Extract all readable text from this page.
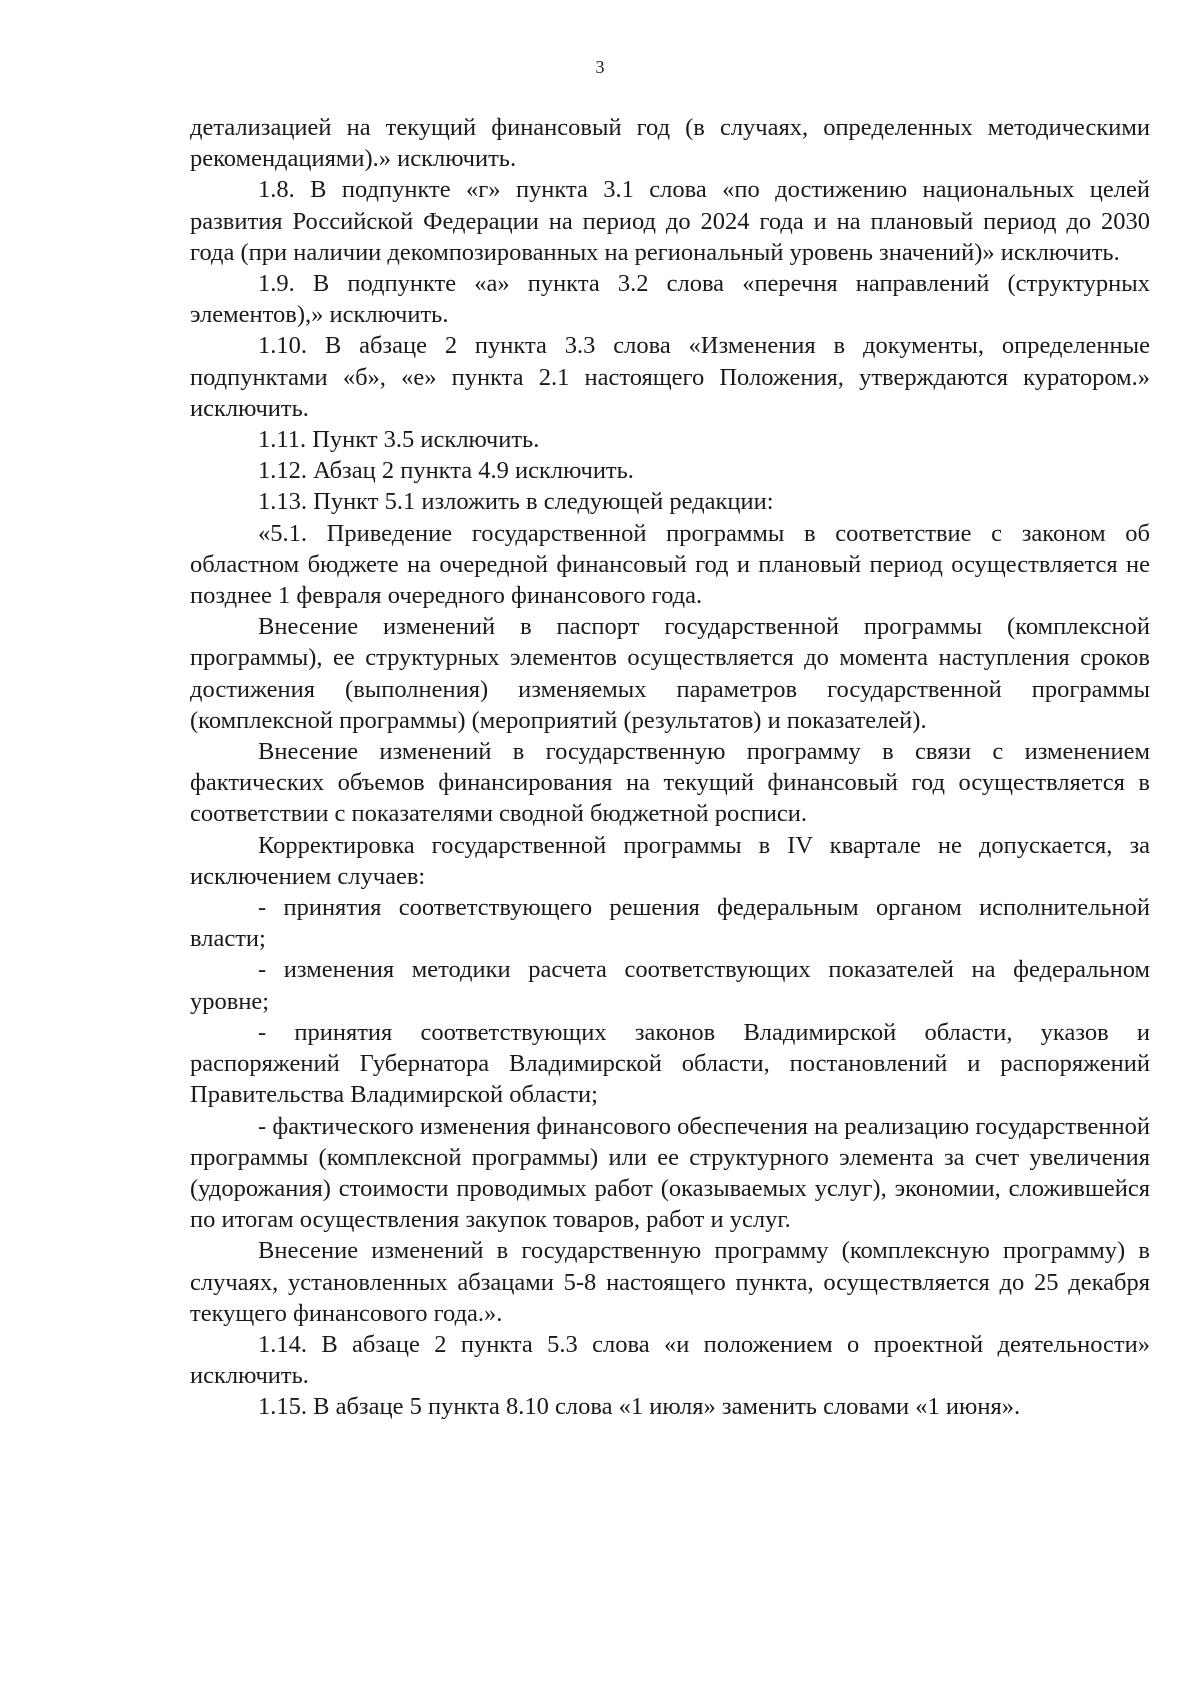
3

детализацией на текущий финансовый год (в случаях, определенных методическими рекомендациями).» исключить.

1.8. В подпункте «г» пункта 3.1 слова «по достижению национальных целей развития Российской Федерации на период до 2024 года и на плановый период до 2030 года (при наличии декомпозированных на региональный уровень значений)» исключить.

1.9. В подпункте «а» пункта 3.2 слова «перечня направлений (структурных элементов),» исключить.

1.10. В абзаце 2 пункта 3.3 слова «Изменения в документы, определенные подпунктами «б», «е» пункта 2.1 настоящего Положения, утверждаются куратором.» исключить.

1.11. Пункт 3.5 исключить.

1.12. Абзац 2 пункта 4.9 исключить.

1.13. Пункт 5.1 изложить в следующей редакции:

«5.1. Приведение государственной программы в соответствие с законом об областном бюджете на очередной финансовый год и плановый период осуществляется не позднее 1 февраля очередного финансового года.

Внесение изменений в паспорт государственной программы (комплексной программы), ее структурных элементов осуществляется до момента наступления сроков достижения (выполнения) изменяемых параметров государственной программы (комплексной программы) (мероприятий (результатов) и показателей).

Внесение изменений в государственную программу в связи с изменением фактических объемов финансирования на текущий финансовый год осуществляется в соответствии с показателями сводной бюджетной росписи.

Корректировка государственной программы в IV квартале не допускается, за исключением случаев:

- принятия соответствующего решения федеральным органом исполнительной власти;

- изменения методики расчета соответствующих показателей на федеральном уровне;

- принятия соответствующих законов Владимирской области, указов и распоряжений Губернатора Владимирской области, постановлений и распоряжений Правительства Владимирской области;

- фактического изменения финансового обеспечения на реализацию государственной программы (комплексной программы) или ее структурного элемента за счет увеличения (удорожания) стоимости проводимых работ (оказываемых услуг), экономии, сложившейся по итогам осуществления закупок товаров, работ и услуг.

Внесение изменений в государственную программу (комплексную программу) в случаях, установленных абзацами 5-8 настоящего пункта, осуществляется до 25 декабря текущего финансового года.».

1.14. В абзаце 2 пункта 5.3 слова «и положением о проектной деятельности» исключить.

1.15. В абзаце 5 пункта 8.10 слова «1 июля» заменить словами «1 июня».
